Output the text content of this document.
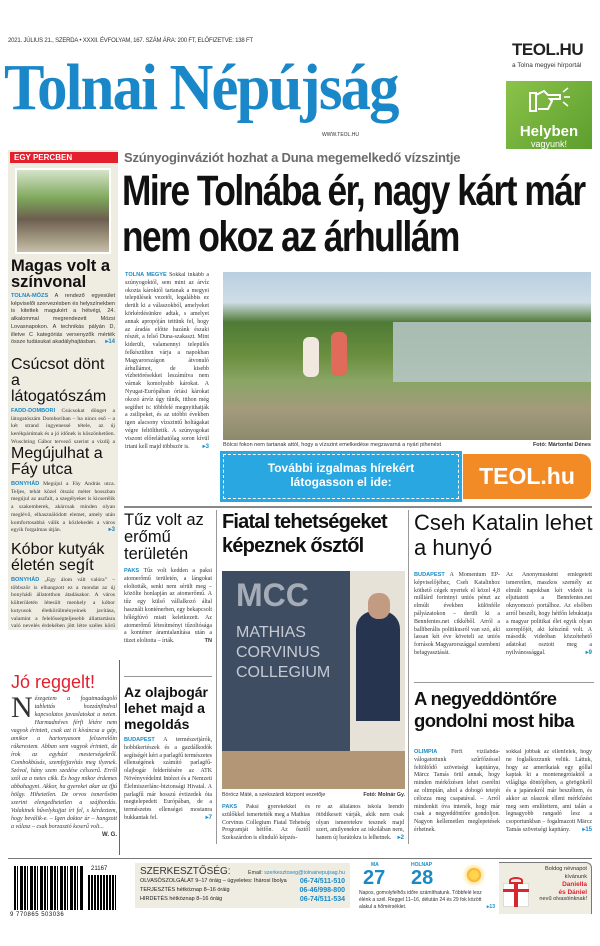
2021. JÚLIUS 21., SZERDA • XXXII. ÉVFOLYAM, 167. SZÁM ÁRA: 200 FT, ELŐFIZETVE: 138 FT
Tolnai Népújság
WWW.TEOL.HU
TEOL.HU
a Tolna megyei hírportál
Helyben
vagyunk!
EGY PERCBEN
Magas volt a színvonal
TOLNA-MÖZS A rendező egyesület képviselői szervezésben és helyszínekben is kitettek magukért a hétvégi, 24. alkalommal megrendezett Mözsi Lovasnapokon. A technikás pályán D, illetve C kategóriás versenyzők mérték össze tudásukat akadályhajtásban. ▸14
Csúcsot dönt a látogatószám
FADD-DOMBORI Csúcsokat dönget a látogatószám Domboriban – ha nincs eső – a két strand ingyenessé tétele, az új kerékpárútnak és a jó időnek is köszönhetően. Wuschting Gábor tervező szerint a vízdíj a
Megújulhat a Fáy utca
BONYHÁD Megújul a Fáy András utca. Teljes, tehát közel ötszáz méter hosszban megújul az aszfalt, a szegélyeket is kicserélik a szakemberek, akárcsak minden olyan meglévő, elhasználódott elemet, amely után komfortosabbá válik a közlekedés a város egyik forgalmas útján.	▸3
Kóbor kutyák életén segít
BONYHÁD „Egy álom vált valóra” – többször is elhangzott ez a mondat az új bonyhádi állatotthon átadásakor. A város külterületén létesült menhely a kóbor kutyusok életkörülményeinek javítása, valamint a felelősségteljesebb állattartásra való nevelés érdekében jött létre széles körű
Jó reggelt!
Nézegetem a fogatmadagoló tablettás hozzánfindval kapcsolatos javaslatokat a neten. Harmadnéves férfi létére nem vagyok érintett, csak azt ti kíváncsa a gép, amikor a hartonyasom felszerelőin rákerestem. Abban sem vagyok érintett, de írok az egyházi mesterségekről. Combokbúsás, szemfejjavítás meg ilyenek. Szóval, hány szem szedése célszerű. Erről szól az a netes cikk. És hogy mikor érdemes abbahagyni. Akkor, ha gyerekei akar az ifjú hölgy. Hihetetlen. De orvos ismerősöm szerint elengedhetetlen a szájhordás. Valakinek hűvelykujjat írt fel, s kérdeztem, hogy beválik-e. – Igen doktor úr – hangzott a válasz – csak borzasztó keserű volt...
W. G.
Szúnyoginváziót hozhat a Duna megemelkedő vízszintje
Mire Tolnába ér, nagy kárt már nem okoz az árhullám
TOLNA MEGYE Sokkal inkább a szúnyogoktól, sem mint az árvíz okozta károktól tartanak a megyei települések vezetői, legalábbis ez derült ki a válaszokból, amelyeket körkérdésünkre adtak, s amelyet annak apropóján tettünk fel, hogy az áradás előtte hazánk északi részét, a felső Duna-szakaszt. Mint kiderült, valamennyi település felkészülten várja a napokban Magyarországon átvonuló árhullámot, de kisebb vízbetörésekket leszámítva nem várnak komolyabb károkat. A Nyugat-Európában óriási károkat okozó árvíz úgy tűnik, itthon még segíthet is: többfelé megnyithatják a zsilipeket, és az utóbbi években igen alacsony vízszintű holtágakat végre feltölthetik. A szúnyogokat viszont előreláthatólag soron kívül irtani kell majd többször is. ▸3	Bölcsi fokon nem tartanak attól, hogy a vízszint emelkedése megzavarná a nyári pihenést	Fotó: Mártonfai Dénes
További izgalmas hírekért
látogasson el ide:	TEOL.hu
Tűz volt az erőmű területén
PAKS Tűz volt kedden a paksi atomerőmű területén, a lángokat eloltották, senki nem sérült meg – közölte honlapján az atomerőmű. A tűz egy külső vállalkozó által használt konténerben, egy bekapcsolt hőlégfúvó miatt keletkezett. Az atomerőmű létesítményi tűzoltósága a konténer áramtalanítása után a tüzet eloltotta – írták.	TN
Az olajbogár lehet majd a megoldás
BUDAPEST A természetjárók, hobbikertészek és a gazdálkodók segítségét kéri a parlagfű természetes ellenségének számító parlagfű-olajbogár felderítésére az ATK Növényvédelmi Intézet és a Nemzeti Élelmiszerlánc-biztonsági Hivatal. A parlagfű már hosszú évtizedek óta megtelepedett Európában, de a természetes ellenségei mostanra bukkantak fel.	▸7
Fiatal tehetségeket képeznek ősztől
MCC
MATHIAS
CORVINUS
COLLEGIUM
Böröcz Máté, a szekszárdi központ vezetője	Fotó: Molnár Gy.
PAKS Paksi gyerekekkel és szülőkkel ismertették meg a Mathias Corvinus Collegium Fiatal Tehetség Programját hétfőn. Az ősztől Szekszárdon is elinduló képzés-
re az általános iskola leendő ötödikeseit várják, akik nem csak olyan ismeretekre tesznek majd szert, amilyenekre az iskolában nem, hanem új barátokra is lelhetnek. ▸2
Cseh Katalin lehet a hunyó
BUDAPEST A Momentum EP-képviselőjéhez, Cseh Katalinhoz köthető cégek nyertek el közel 4,8 milliárd forintnyi uniós pénzt az elmúlt években különféle pályázatokon – derült ki a Bennfentes.net cikkéből. Arról a balliberális politikusról van szó, aki lassan két éve követeli az uniós források Magyarországgal szembeni befagyasztását.
Az Anonymusként emlegetett ismeretlen, maszkos személy az elmúlt napokban két videót is eljuttatott a Bennfentes.net oknyomozó portálhoz. Az elsőben arról beszélt, hogy hétfőn lebuktatja a magyar politikai élet egyik olyan szereplőjét, aki kétszínű volt. A második videóban közzétehető adatokat osztott meg a nyilvánossággal.	▸9
A negyeddöntőre gondolni most hiba
OLIMPIA Férfi vízilabda-válogatottunk szűrfőzéssel feltöltődő szövetségi kapitánya, Märcz Tamás örül annak, hogy minden mérkőzésen lehet cserélni az olimpián, ahol a dobogó tetejét célozza meg csapatával. – Arról mindenkit óva intenék, hogy már csak a negyeddöntőre gondoljon. Nagyon kellemetlen meglepetések érhetnek.
sokkal jobbak az ellenfelek, hogy ne foglalkozzunk velük. Láttuk, hogy az amerikaiak egy góllal kaptak ki a montenegróiaktól a világliga döntőjében, a görögökről és a japánokról már beszéltem, és akkor az olaszok elleni mérkőzést meg sem említettem, ami talán a legnagyobb rangadó lesz a csoportunkban – fogalmazott Märcz Tamás szövetségi kapitány. ▸15
21167
9 770865 503036
SZERKESZTŐSÉG:	Email: szerkesztoseg@tolnainepujsag.hu
OLVASÓSZOLGÁLAT 9–17 óráig – ügyeletes: Ihárosi Ibolya 06-74/511-510
TERJESZTÉS hétköznap 8–16 óráig	06-46/998-800
HIRDETÉS hétköznap 8–16 óráig	06-74/511-534
MA
27
HOLNAP
28
Napos, gomolyfelhős időre számíthatunk. Többfelé lesz élénk a szél. Reggel 11–16, délután 24 és 29 fok között alakul a hőmérséklet.	▸13
Boldog névnapot
kívánunk
Daniella
és Dániel
nevű olvasóinknak!
